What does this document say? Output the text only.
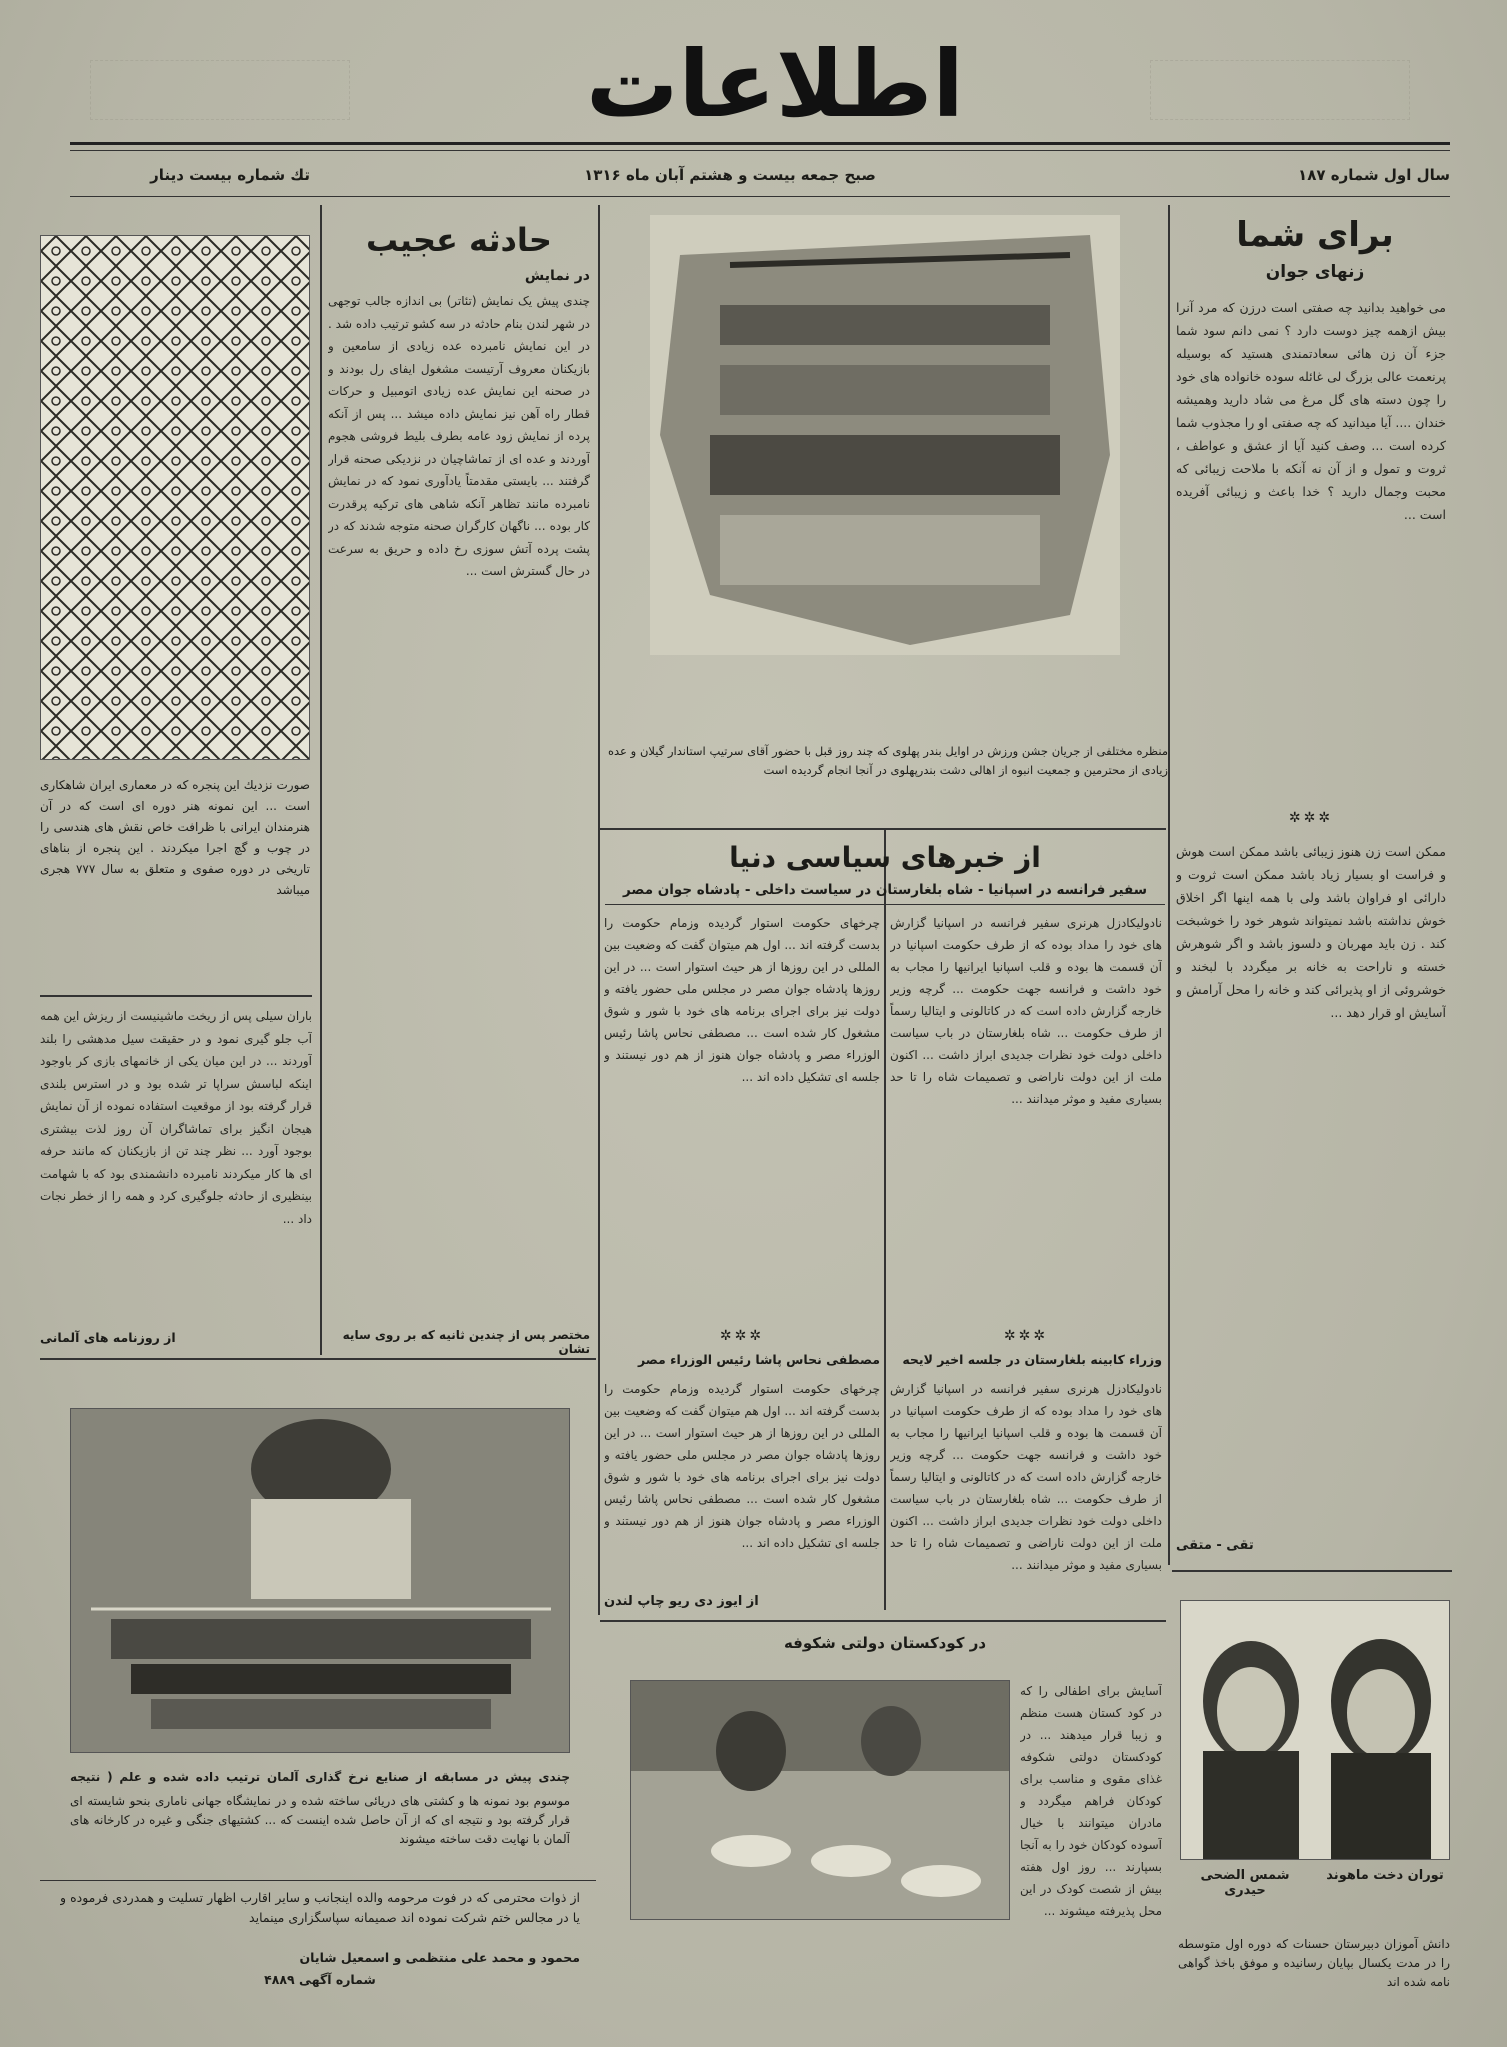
اطلاعات
سال اول شماره ۱۸۷
صبح جمعه بیست و هشتم آبان ماه ۱۳۱۶
تك شماره بیست دینار
برای شما
زنهای جوان
می خواهید بدانید چه صفتی است درزن که مرد آنرا بیش ازهمه چیز دوست دارد ؟ نمی دانم سود شما جزء آن زن هائی سعادتمندی هستید که بوسیله پرنعمت عالی بزرگ لی غائله سوده خانواده های خود را چون دسته های گل مرغ می شاد دارید وهمیشه خندان .... آیا میدانید که چه صفتی او را مجذوب شما کرده است ... وصف کنید آیا از عشق و عواطف ، ثروت و تمول و از آن نه آنکه با ملاحت زیبائی که محبت وجمال دارید ؟ خدا باعث و زیبائی آفریده است ...
✲✲✲
ممکن است زن هنوز زیبائی باشد ممکن است هوش و فراست او بسیار زیاد باشد ممکن است ثروت و دارائی او فراوان باشد ولی با همه اینها اگر اخلاق خوش نداشته باشد نمیتواند شوهر خود را خوشبخت کند . زن باید مهربان و دلسوز باشد و اگر شوهرش خسته و ناراحت به خانه بر میگردد با لبخند و خوشروئی از او پذیرائی کند و خانه را محل آرامش و آسایش او قرار دهد ...
تقی - متقی
توران دخت ماهوند
شمس الضحی حیدری
دانش آموزان دبیرستان حسنات که دوره اول متوسطه را در مدت یکسال بپایان رسانیده و موفق باخذ گواهی نامه شده اند
منظره مختلفی از جریان جشن ورزش در اوایل بندر پهلوی که چند روز قبل با حضور آقای سرتیپ استاندار گیلان و عده زیادی از محترمین و جمعیت انبوه از اهالی دشت بندرپهلوی در آنجا انجام گردیده است
از خبرهای سیاسی دنیا
سفیر فرانسه در اسپانیا - شاه بلغارستان در سیاست داخلی - پادشاه جوان مصر
نادولیکادزل هرنری سفیر فرانسه در اسپانیا گزارش های خود را مداد بوده که از طرف حکومت اسپانیا در آن قسمت ها بوده و قلب اسپانیا ایرانیها را مجاب به خود داشت و فرانسه جهت حکومت ... گرچه وزیر خارجه گزارش داده است که در کاتالونی و ایتالیا رسماً از طرف حکومت ... شاه بلغارستان در باب سیاست داخلی دولت خود نظرات جدیدی ابراز داشت ... اکنون ملت از این دولت ناراضی و تصمیمات شاه را تا حد بسیاری مفید و موثر میدانند ...
چرخهای حکومت استوار گردیده وزمام حکومت را بدست گرفته اند ... اول هم میتوان گفت که وضعیت بین المللی در این روزها از هر حیث استوار است ... در این روزها پادشاه جوان مصر در مجلس ملی حضور یافته و دولت نیز برای اجرای برنامه های خود با شور و شوق مشغول کار شده است ... مصطفی نحاس پاشا رئیس الوزراء مصر و پادشاه جوان هنوز از هم دور نیستند و جلسه ای تشکیل داده اند ...
✲✲✲
✲✲✲
وزراء کابینه بلغارستان در جلسه اخیر لایحه
مصطفی نحاس پاشا رئیس الوزراء مصر
نادولیکادزل هرنری سفیر فرانسه در اسپانیا گزارش های خود را مداد بوده که از طرف حکومت اسپانیا در آن قسمت ها بوده و قلب اسپانیا ایرانیها را مجاب به خود داشت و فرانسه جهت حکومت ... گرچه وزیر خارجه گزارش داده است که در کاتالونی و ایتالیا رسماً از طرف حکومت ... شاه بلغارستان در باب سیاست داخلی دولت خود نظرات جدیدی ابراز داشت ... اکنون ملت از این دولت ناراضی و تصمیمات شاه را تا حد بسیاری مفید و موثر میدانند ...
چرخهای حکومت استوار گردیده وزمام حکومت را بدست گرفته اند ... اول هم میتوان گفت که وضعیت بین المللی در این روزها از هر حیث استوار است ... در این روزها پادشاه جوان مصر در مجلس ملی حضور یافته و دولت نیز برای اجرای برنامه های خود با شور و شوق مشغول کار شده است ... مصطفی نحاس پاشا رئیس الوزراء مصر و پادشاه جوان هنوز از هم دور نیستند و جلسه ای تشکیل داده اند ...
از ایوز دی ریو چاپ لندن
حادثه عجیب
در نمایش
چندی پیش یک نمایش (تئاتر) بی اندازه جالب توجهی در شهر لندن بنام حادثه در سه کشو ترتیب داده شد . در این نمایش نامبرده عده زیادی از سامعین و بازیکنان معروف آرتیست مشغول ایفای رل بودند و در صحنه این نمایش عده زیادی اتومبیل و حرکات قطار راه آهن نیز نمایش داده میشد ... پس از آنکه پرده از نمایش زود عامه بطرف بلیط فروشی هجوم آوردند و عده ای از تماشاچیان در نزدیکی صحنه قرار گرفتند ... بایستی مقدمتاً یادآوری نمود که در نمایش نامبرده مانند تظاهر آنکه شاهی های ترکیه پرقدرت کار بوده ... ناگهان کارگران صحنه متوجه شدند که در پشت پرده آتش سوزی رخ داده و حریق به سرعت در حال گسترش است ...
مختصر پس از چندین ثانیه که بر روی سایه تشان
صورت نزدیك این پنجره که در معماری ایران شاهکاری است ... این نمونه هنر دوره ای است که در آن هنرمندان ایرانی با ظرافت خاص نقش های هندسی را در چوب و گچ اجرا میکردند . این پنجره از بناهای تاریخی در دوره صفوی و متعلق به سال ۷۷۷ هجری میباشد
باران سیلی پس از ریخت ماشینیست از ریزش این همه آب جلو گیری نمود و در حقیقت سیل مدهشی را بلند آوردند ... در این میان یکی از خانمهای بازی کر باوجود اینکه لباسش سراپا تر شده بود و در استرس بلندی قرار گرفته بود از موقعیت استفاده نموده از آن نمایش هیجان انگیز برای تماشاگران آن روز لذت بیشتری بوجود آورد ... نظر چند تن از بازیکنان که مانند حرفه ای ها کار میکردند نامبرده دانشمندی بود که با شهامت بینظیری از حادثه جلوگیری کرد و همه را از خطر نجات داد ...
از روزنامه های آلمانی
چندی پیش در مسابقه از صنایع نرخ گذاری آلمان ترتیب داده شده و علم ( نتیجه
موسوم بود نمونه ها و کشتی های دریائی ساخته شده و در نمایشگاه جهانی ناماری بنحو شایسته ای قرار گرفته بود و نتیجه ای که از آن حاصل شده اینست که ... کشتیهای جنگی و غیره در کارخانه های آلمان با نهایت دقت ساخته میشوند
از ذوات محترمی که در فوت مرحومه والده اینجانب و سایر اقارب اظهار تسلیت و همدردی فرموده و یا در مجالس ختم شرکت نموده اند صمیمانه سپاسگزاری مینماید
محمود و محمد علی منتظمی و اسمعیل شایان
شماره آگهی ۴۸۸۹
در کودکستان دولتی شکوفه
آسایش برای اطفالی را که در کود کستان هست منظم و زیبا قرار میدهند ... در کودکستان دولتی شکوفه غذای مقوی و مناسب برای کودکان فراهم میگردد و مادران میتوانند با خیال آسوده کودکان خود را به آنجا بسپارند ... روز اول هفته بیش از شصت کودک در این محل پذیرفته میشوند ...
